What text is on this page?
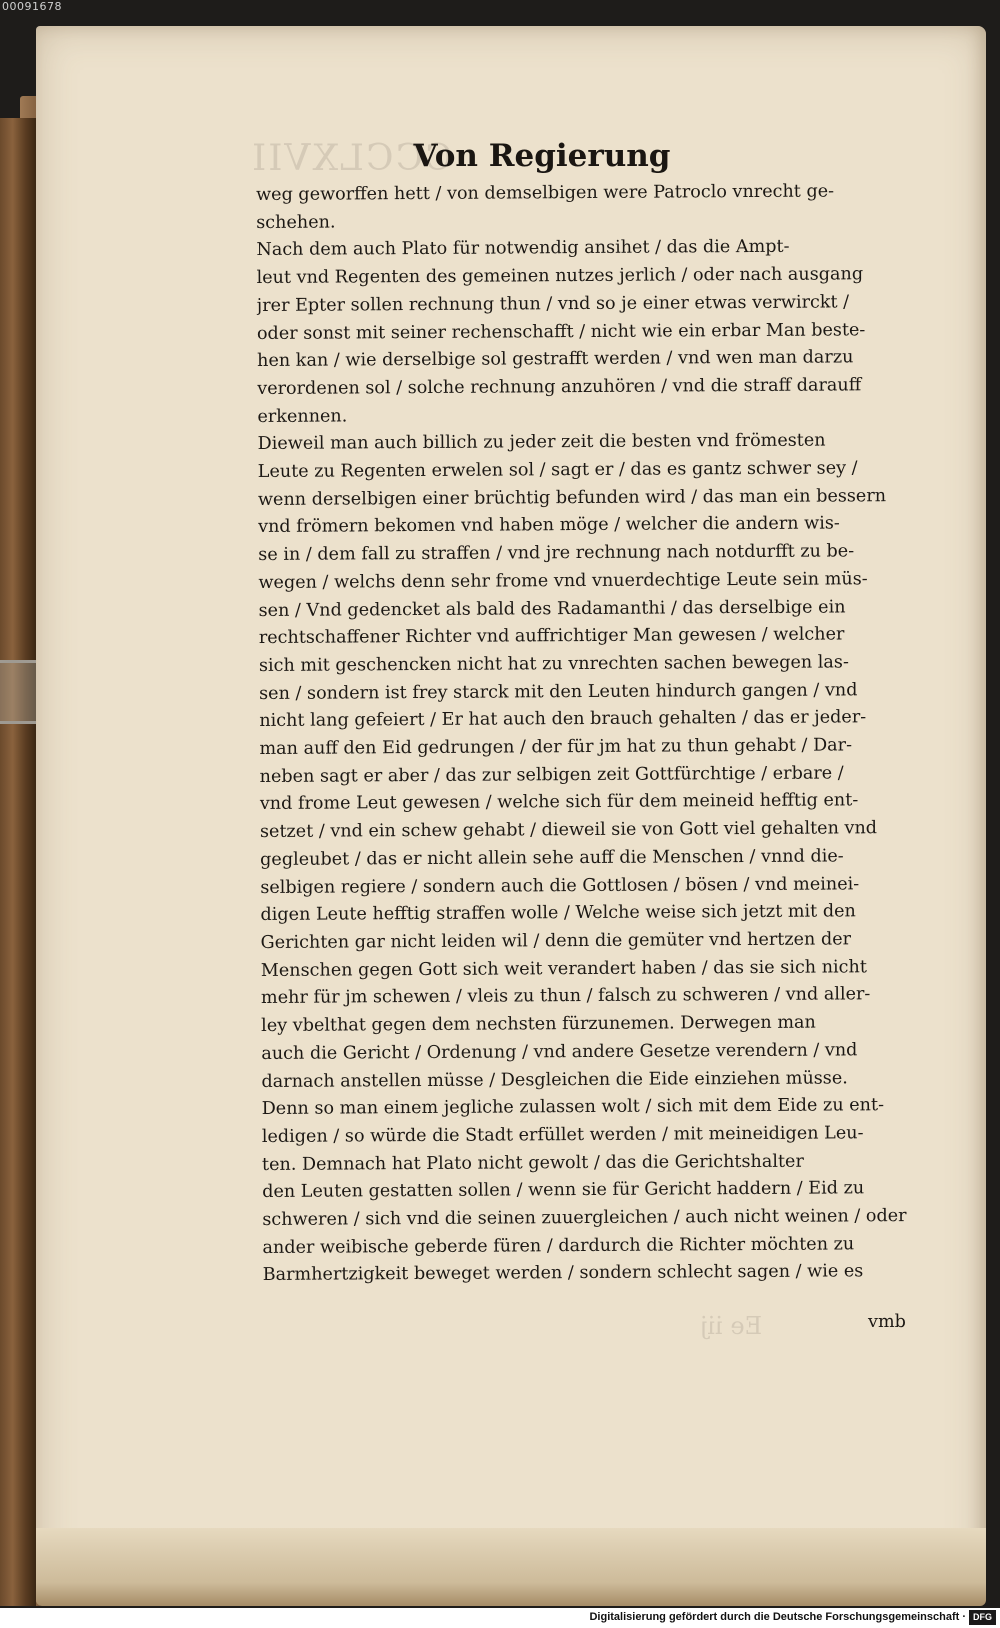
00091678
Von Regierung
weg geworffen hett / von demselbigen were Patroclo vnrecht ge-
schehen.
Nach dem auch Plato für notwendig ansihet / das die Ampt-
leut vnd Regenten des gemeinen nutzes jerlich / oder nach ausgang
jrer Epter sollen rechnung thun / vnd so je einer etwas verwirckt /
oder sonst mit seiner rechenschafft / nicht wie ein erbar Man beste-
hen kan / wie derselbige sol gestrafft werden / vnd wen man darzu
verordenen sol / solche rechnung anzuhören / vnd die straff darauff
erkennen.
Dieweil man auch billich zu jeder zeit die besten vnd frömesten
Leute zu Regenten erwelen sol / sagt er / das es gantz schwer sey /
wenn derselbigen einer brüchtig befunden wird / das man ein bessern
vnd frömern bekomen vnd haben möge / welcher die andern wis-
se in / dem fall zu straffen / vnd jre rechnung nach notdurfft zu be-
wegen / welchs denn sehr frome vnd vnuerdechtige Leute sein müs-
sen / Vnd gedencket als bald des Radamanthi / das derselbige ein
rechtschaffener Richter vnd auffrichtiger Man gewesen / welcher
sich mit geschencken nicht hat zu vnrechten sachen bewegen las-
sen / sondern ist frey starck mit den Leuten hindurch gangen / vnd
nicht lang gefeiert / Er hat auch den brauch gehalten / das er jeder-
man auff den Eid gedrungen / der für jm hat zu thun gehabt / Dar-
neben sagt er aber / das zur selbigen zeit Gottfürchtige / erbare /
vnd frome Leut gewesen / welche sich für dem meineid hefftig ent-
setzet / vnd ein schew gehabt / dieweil sie von Gott viel gehalten vnd
gegleubet / das er nicht allein sehe auff die Menschen / vnnd die-
selbigen regiere / sondern auch die Gottlosen / bösen / vnd meinei-
digen Leute hefftig straffen wolle / Welche weise sich jetzt mit den
Gerichten gar nicht leiden wil / denn die gemüter vnd hertzen der
Menschen gegen Gott sich weit verandert haben / das sie sich nicht
mehr für jm schewen / vleis zu thun / falsch zu schweren / vnd aller-
ley vbelthat gegen dem nechsten fürzunemen. Derwegen man
auch die Gericht / Ordenung / vnd andere Gesetze verendern / vnd
darnach anstellen müsse / Desgleichen die Eide einziehen müsse.
Denn so man einem jegliche zulassen wolt / sich mit dem Eide zu ent-
ledigen / so würde die Stadt erfüllet werden / mit meineidigen Leu-
ten. Demnach hat Plato nicht gewolt / das die Gerichtshalter
den Leuten gestatten sollen / wenn sie für Gericht haddern / Eid zu
schweren / sich vnd die seinen zuuergleichen / auch nicht weinen / oder
ander weibische geberde füren / dardurch die Richter möchten zu
Barmhertzigkeit beweget werden / sondern schlecht sagen / wie es
vmb
Digitalisierung gefördert durch die Deutsche Forschungsgemeinschaft · DFG
